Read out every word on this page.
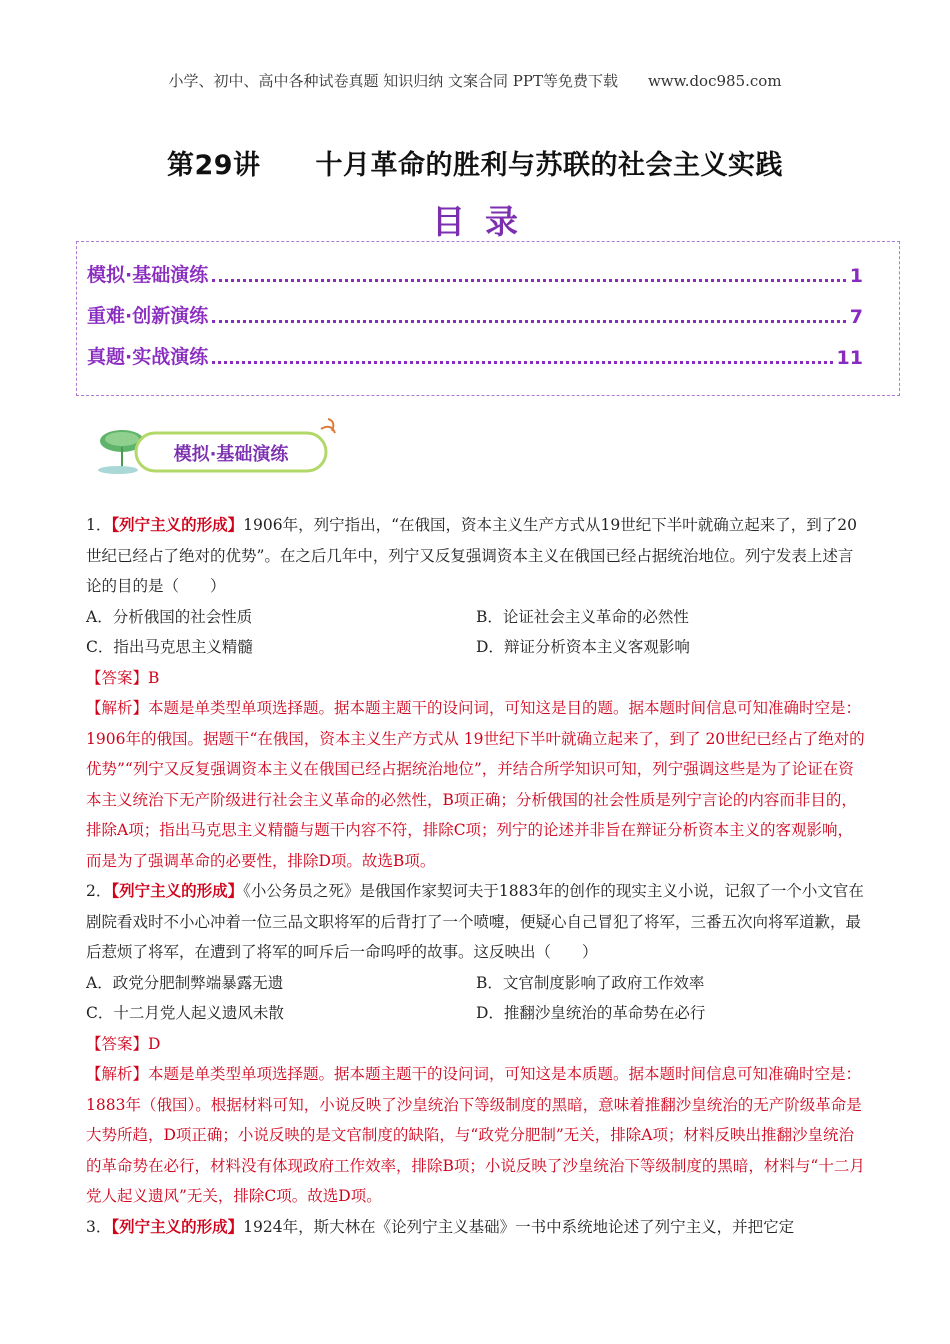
小学、初中、高中各种试卷真题 知识归纳 文案合同 PPT等免费下载　　www.doc985.com
第29讲　　十月革命的胜利与苏联的社会主义实践
目录
模拟·基础演练	1
重难·创新演练	7
真题·实战演练	11
模拟·基础演练

1．【列宁主义的形成】1906年，列宁指出，“在俄国，资本主义生产方式从19世纪下半叶就确立起来了，到了20世纪已经占了绝对的优势”。在之后几年中，列宁又反复强调资本主义在俄国已经占据统治地位。列宁发表上述言论的目的是（　　）

A．分析俄国的社会性质	B．论证社会主义革命的必然性
C．指出马克思主义精髓	D．辩证分析资本主义客观影响

【答案】B

【解析】本题是单类型单项选择题。据本题主题干的设问词，可知这是目的题。据本题时间信息可知准确时空是：1906年的俄国。据题干“在俄国，资本主义生产方式从 19世纪下半叶就确立起来了，到了 20世纪已经占了绝对的优势”“列宁又反复强调资本主义在俄国已经占据统治地位”，并结合所学知识可知，列宁强调这些是为了论证在资本主义统治下无产阶级进行社会主义革命的必然性，B项正确；分析俄国的社会性质是列宁言论的内容而非目的，排除A项；指出马克思主义精髓与题干内容不符，排除C项；列宁的论述并非旨在辩证分析资本主义的客观影响，而是为了强调革命的必要性，排除D项。故选B项。

2．【列宁主义的形成】《小公务员之死》是俄国作家契诃夫于1883年的创作的现实主义小说，记叙了一个小文官在剧院看戏时不小心冲着一位三品文职将军的后背打了一个喷嚏，便疑心自己冒犯了将军，三番五次向将军道歉，最后惹烦了将军，在遭到了将军的呵斥后一命呜呼的故事。这反映出（　　）

A．政党分肥制弊端暴露无遗	B．文官制度影响了政府工作效率
C．十二月党人起义遗风未散	D．推翻沙皇统治的革命势在必行

【答案】D

【解析】本题是单类型单项选择题。据本题主题干的设问词，可知这是本质题。据本题时间信息可知准确时空是：1883年（俄国）。根据材料可知，小说反映了沙皇统治下等级制度的黑暗，意味着推翻沙皇统治的无产阶级革命是大势所趋，D项正确；小说反映的是文官制度的缺陷，与“政党分肥制”无关，排除A项；材料反映出推翻沙皇统治的革命势在必行，材料没有体现政府工作效率，排除B项；小说反映了沙皇统治下等级制度的黑暗，材料与“十二月党人起义遗风”无关，排除C项。故选D项。

3．【列宁主义的形成】1924年，斯大林在《论列宁主义基础》一书中系统地论述了列宁主义，并把它定
